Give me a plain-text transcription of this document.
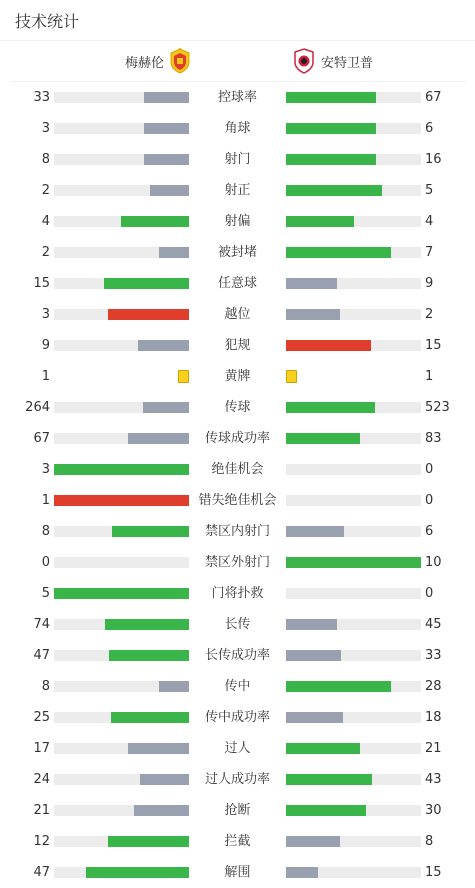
技术统计
梅赫伦	安特卫普
33	控球率	67
3	角球	6
8	射门	16
2	射正	5
4	射偏	4
2	被封堵	7
15	任意球	9
3	越位	2
9	犯规	15
1	黄牌	1
264	传球	523
67	传球成功率	83
3	绝佳机会	0
1	错失绝佳机会	0
8	禁区内射门	6
0	禁区外射门	10
5	门将扑救	0
74	长传	45
47	长传成功率	33
8	传中	28
25	传中成功率	18
17	过人	21
24	过人成功率	43
21	抢断	30
12	拦截	8
47	解围	15
